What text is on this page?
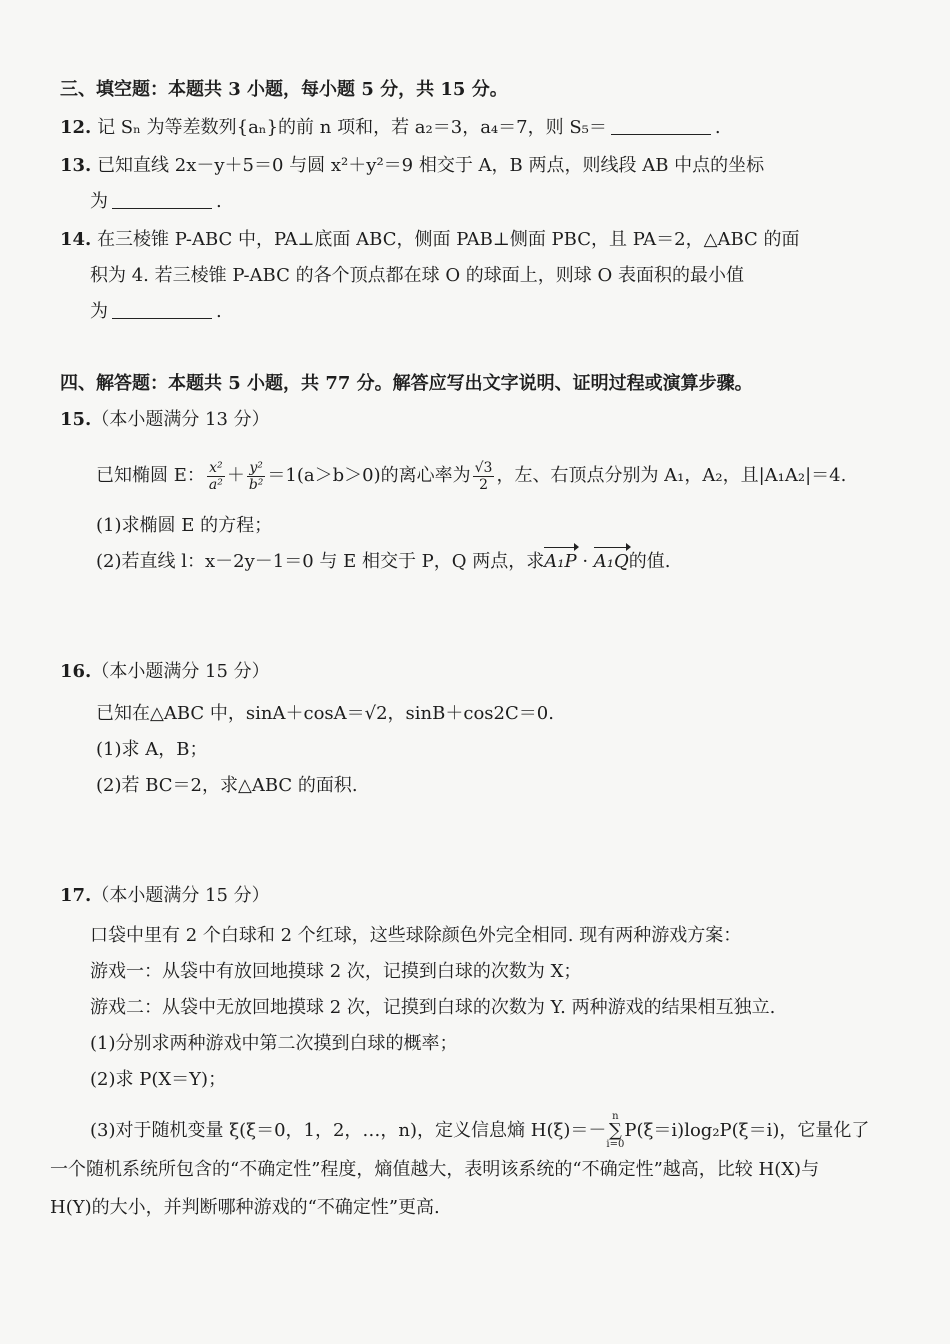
三、填空题：本题共 3 小题，每小题 5 分，共 15 分。
12. 记 Sₙ 为等差数列{aₙ}的前 n 项和，若 a₂＝3，a₄＝7，则 S₅＝	.
13. 已知直线 2x－y＋5＝0 与圆 x²＋y²＝9 相交于 A，B 两点，则线段 AB 中点的坐标
为	.
14. 在三棱锥 P-ABC 中，PA⊥底面 ABC，侧面 PAB⊥侧面 PBC，且 PA＝2，△ABC 的面
积为 4. 若三棱锥 P-ABC 的各个顶点都在球 O 的球面上，则球 O 表面积的最小值
为	.
四、解答题：本题共 5 小题，共 77 分。解答应写出文字说明、证明过程或演算步骤。
15.（本小题满分 13 分）
已知椭圆 E： $\frac{\text{x²}}{\text{a²}} + \frac{\text{y²}}{\text{b²}} =1(a>b>0)$的离心率为 $\frac{√3}{2}$ ，左、右顶点分别为 A₁，A₂，且|A₁A₂|＝4.
(1)求椭圆 E 的方程；
(2)若直线 l：x－2y－1＝0 与 E 相交于 P，Q 两点，求A₁P · A₁Q的值.
16.（本小题满分 15 分）
已知在△ABC 中，sinA＋cosA＝√2，sinB＋cos2C＝0.
(1)求 A，B；
(2)若 BC＝2，求△ABC 的面积.
17.（本小题满分 15 分）
口袋中里有 2 个白球和 2 个红球，这些球除颜色外完全相同. 现有两种游戏方案：
游戏一：从袋中有放回地摸球 2 次，记摸到白球的次数为 X；
游戏二：从袋中无放回地摸球 2 次，记摸到白球的次数为 Y. 两种游戏的结果相互独立.
(1)分别求两种游戏中第二次摸到白球的概率；
(2)求 P(X＝Y)；
(3)对于随机变量 ξ(ξ＝0，1，2，…，n)，定义信息熵 H(ξ)＝－
n
∑
i=0
P(ξ＝i)log₂P(ξ＝i)，它量化了
一个随机系统所包含的“不确定性”程度，熵值越大，表明该系统的“不确定性”越高，比较 H(X)与
H(Y)的大小，并判断哪种游戏的“不确定性”更高.
